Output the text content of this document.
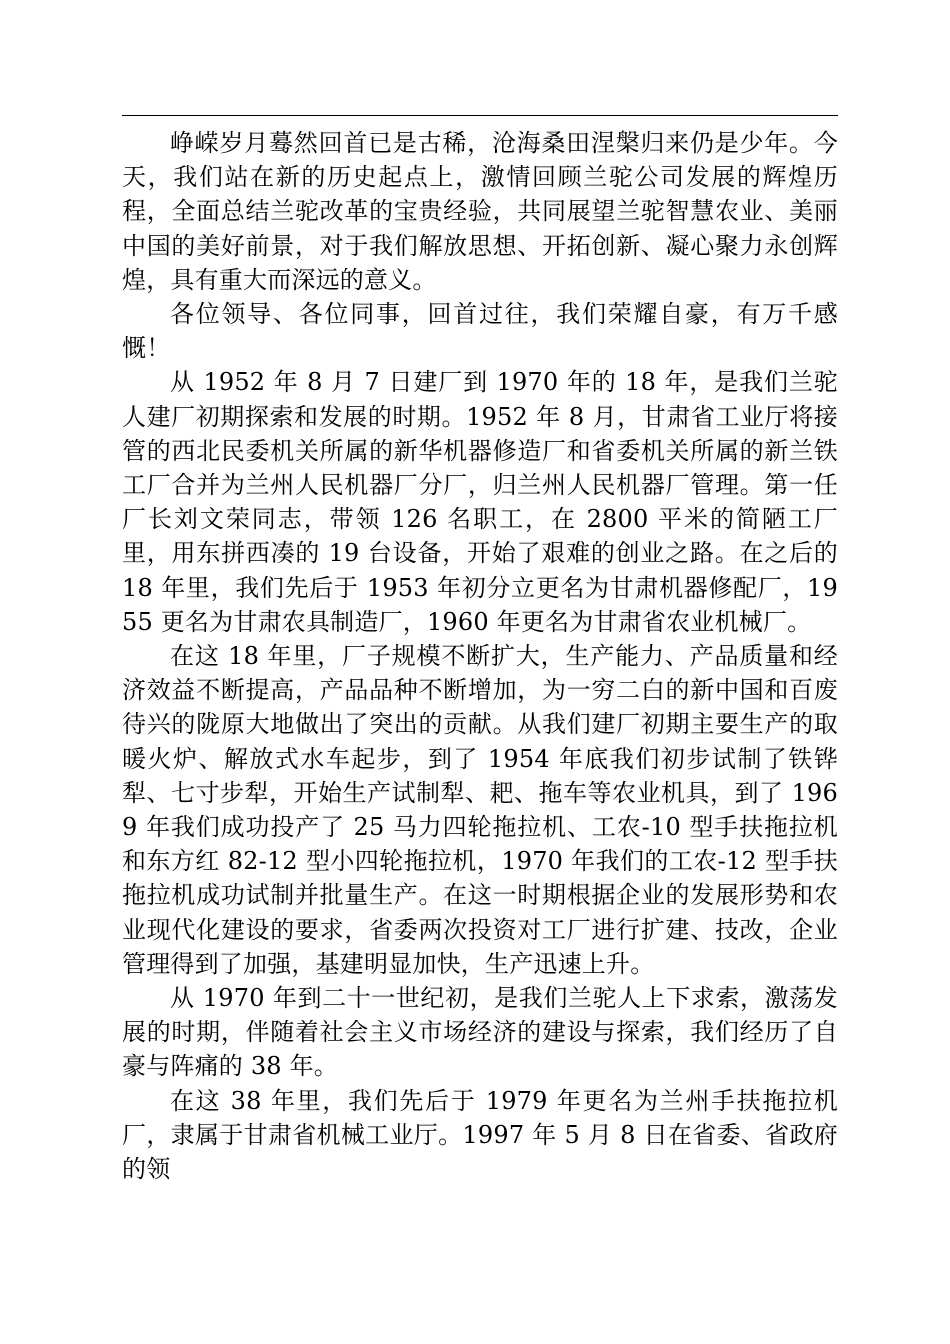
峥嵘岁月蓦然回首已是古稀，沧海桑田涅槃归来仍是少年。今天，我们站在新的历史起点上，激情回顾兰驼公司发展的辉煌历程，全面总结兰驼改革的宝贵经验，共同展望兰驼智慧农业、美丽中国的美好前景，对于我们解放思想、开拓创新、凝心聚力永创辉煌，具有重大而深远的意义。

各位领导、各位同事，回首过往，我们荣耀自豪，有万千感慨！

从 1952 年 8 月 7 日建厂到 1970 年的 18 年，是我们兰驼人建厂初期探索和发展的时期。1952 年 8 月，甘肃省工业厅将接管的西北民委机关所属的新华机器修造厂和省委机关所属的新兰铁工厂合并为兰州人民机器厂分厂，归兰州人民机器厂管理。第一任厂长刘文荣同志，带领 126 名职工，在 2800 平米的简陋工厂里，用东拼西凑的 19 台设备，开始了艰难的创业之路。在之后的 18 年里，我们先后于 1953 年初分立更名为甘肃机器修配厂，1955 更名为甘肃农具制造厂，1960 年更名为甘肃省农业机械厂。

在这 18 年里，厂子规模不断扩大，生产能力、产品质量和经济效益不断提高，产品品种不断增加，为一穷二白的新中国和百废待兴的陇原大地做出了突出的贡献。从我们建厂初期主要生产的取暖火炉、解放式水车起步，到了 1954 年底我们初步试制了铁铧犁、七寸步犁，开始生产试制犁、耙、拖车等农业机具，到了 1969 年我们成功投产了 25 马力四轮拖拉机、工农-10 型手扶拖拉机和东方红 82-12 型小四轮拖拉机，1970 年我们的工农-12 型手扶拖拉机成功试制并批量生产。在这一时期根据企业的发展形势和农业现代化建设的要求，省委两次投资对工厂进行扩建、技改，企业管理得到了加强，基建明显加快，生产迅速上升。

从 1970 年到二十一世纪初，是我们兰驼人上下求索，激荡发展的时期，伴随着社会主义市场经济的建设与探索，我们经历了自豪与阵痛的 38 年。

在这 38 年里，我们先后于 1979 年更名为兰州手扶拖拉机厂，隶属于甘肃省机械工业厅。1997 年 5 月 8 日在省委、省政府的领
